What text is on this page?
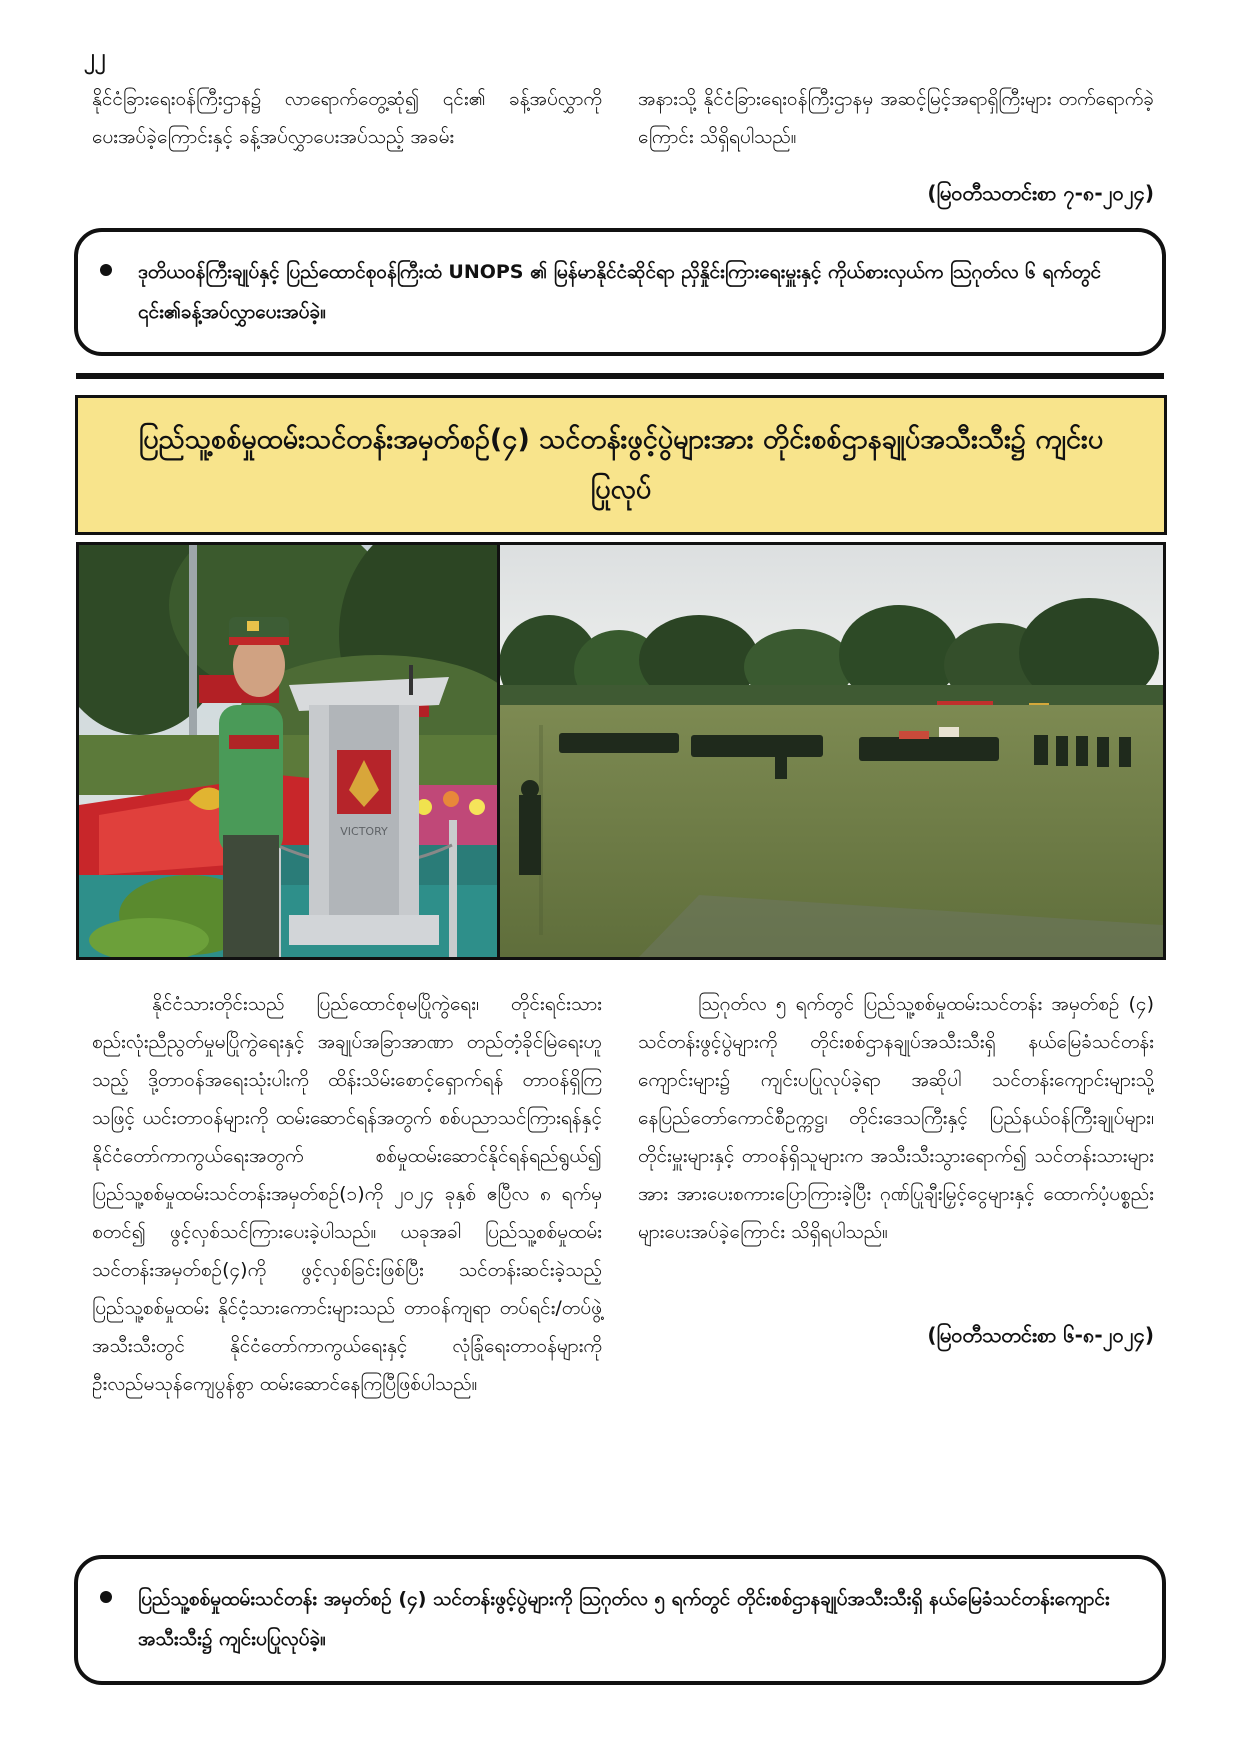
၂၂

နိုင်ငံခြားရေးဝန်ကြီးဌာန၌ လာရောက်တွေ့ဆုံ၍ ၎င်း၏ ခန့်အပ်လွှာကို ပေးအပ်ခဲ့ကြောင်းနှင့် ခန့်အပ်လွှာပေးအပ်သည့် အခမ်း

အနားသို့ နိုင်ငံခြားရေးဝန်ကြီးဌာနမှ အဆင့်မြင့်အရာရှိကြီးများ တက်ရောက်ခဲ့ကြောင်း သိရှိရပါသည်။

(မြဝတီသတင်းစာ ၇-၈-၂၀၂၄)
ဒုတိယဝန်ကြီးချုပ်နှင့် ပြည်ထောင်စုဝန်ကြီးထံ UNOPS ၏ မြန်မာနိုင်ငံဆိုင်ရာ ညှိနှိုင်းကြားရေးမှူးနှင့် ကိုယ်စားလှယ်က ဩဂုတ်လ ၆ ရက်တွင် ၎င်း၏ခန့်အပ်လွှာပေးအပ်ခဲ့။
ပြည်သူ့စစ်မှုထမ်းသင်တန်းအမှတ်စဉ်(၄) သင်တန်းဖွင့်ပွဲများအား တိုင်းစစ်ဌာနချုပ်အသီးသီး၌ ကျင်းပပြုလုပ်
VICTORY

နိုင်ငံသားတိုင်းသည် ပြည်ထောင်စုမပြိုကွဲရေး၊ တိုင်းရင်းသားစည်းလုံးညီညွတ်မှုမပြိုကွဲရေးနှင့် အချုပ်အခြာအာဏာ တည်တံ့ခိုင်မြဲရေးဟူသည့် ဒို့တာဝန်အရေးသုံးပါးကို ထိန်းသိမ်းစောင့်ရှောက်ရန် တာဝန်ရှိကြသဖြင့် ယင်းတာဝန်များကို ထမ်းဆောင်ရန်အတွက် စစ်ပညာသင်ကြားရန်နှင့် နိုင်ငံတော်ကာကွယ်ရေးအတွက် စစ်မှုထမ်းဆောင်နိုင်ရန်ရည်ရွယ်၍ ပြည်သူ့စစ်မှုထမ်းသင်တန်းအမှတ်စဉ်(၁)ကို ၂၀၂၄ ခုနှစ် ဧပြီလ ၈ ရက်မှ စတင်၍ ဖွင့်လှစ်သင်ကြားပေးခဲ့ပါသည်။ ယခုအခါ ပြည်သူ့စစ်မှုထမ်းသင်တန်းအမှတ်စဉ်(၄)ကို ဖွင့်လှစ်ခြင်းဖြစ်ပြီး သင်တန်းဆင်းခဲ့သည့် ပြည်သူ့စစ်မှုထမ်း နိုင်ငံ့သားကောင်းများသည် တာဝန်ကျရာ တပ်ရင်း/တပ်ဖွဲ့အသီးသီးတွင် နိုင်ငံတော်ကာကွယ်ရေးနှင့် လုံခြုံရေးတာဝန်များကို ဦးလည်မသုန်ကျေပွန်စွာ ထမ်းဆောင်နေကြပြီဖြစ်ပါသည်။

ဩဂုတ်လ ၅ ရက်တွင် ပြည်သူ့စစ်မှုထမ်းသင်တန်း အမှတ်စဉ် (၄) သင်တန်းဖွင့်ပွဲများကို တိုင်းစစ်ဌာနချုပ်အသီးသီးရှိ နယ်မြေခံသင်တန်းကျောင်းများ၌ ကျင်းပပြုလုပ်ခဲ့ရာ အဆိုပါ သင်တန်းကျောင်းများသို့ နေပြည်တော်ကောင်စီဥက္ကဋ္ဌ၊ တိုင်းဒေသကြီးနှင့် ပြည်နယ်ဝန်ကြီးချုပ်များ၊ တိုင်းမှူးများနှင့် တာဝန်ရှိသူများက အသီးသီးသွားရောက်၍ သင်တန်းသားများအား အားပေးစကားပြောကြားခဲ့ပြီး ဂုဏ်ပြုချီးမြှင့်ငွေများနှင့် ထောက်ပံ့ပစ္စည်းများပေးအပ်ခဲ့ကြောင်း သိရှိရပါသည်။

(မြဝတီသတင်းစာ ၆-၈-၂၀၂၄)
ပြည်သူ့စစ်မှုထမ်းသင်တန်း အမှတ်စဉ် (၄) သင်တန်းဖွင့်ပွဲများကို ဩဂုတ်လ ၅ ရက်တွင် တိုင်းစစ်ဌာနချုပ်အသီးသီးရှိ နယ်မြေခံသင်တန်းကျောင်းအသီးသီး၌ ကျင်းပပြုလုပ်ခဲ့။
